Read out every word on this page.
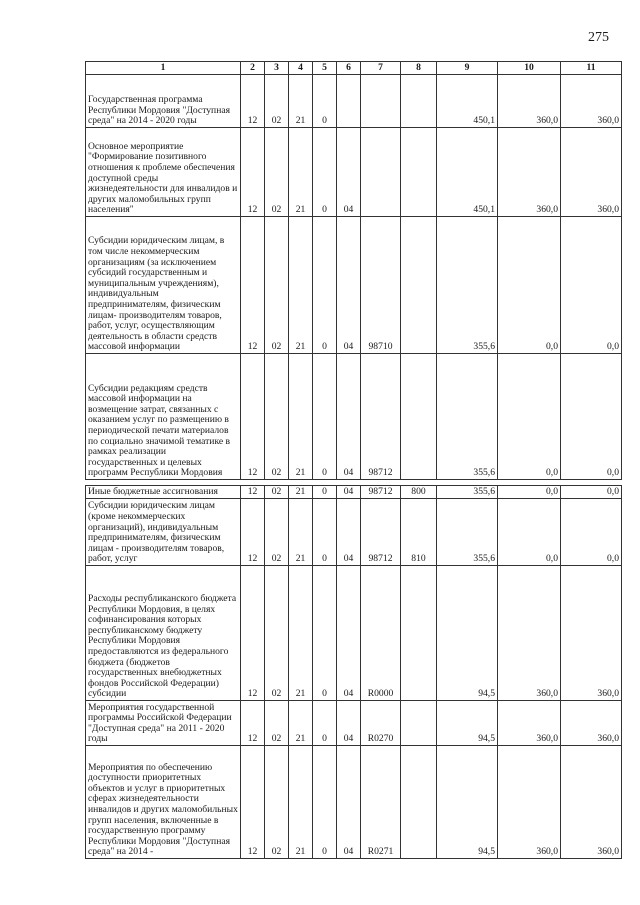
275
1	2	3	4	5	6	7	8	9	10	11
Государственная программа Республики Мордовия "Доступная среда" на 2014 - 2020 годы	12	02	21	0				450,1	360,0	360,0
Основное мероприятие "Формирование позитивного отношения к проблеме обеспечения доступной среды жизнедеятельности для инвалидов и других маломобильных групп населения"	12	02	21	0	04			450,1	360,0	360,0
Субсидии юридическим лицам, в том числе некоммерческим организациям (за исключением субсидий государственным и муниципальным учреждениям), индивидуальным предпринимателям, физическим лицам- производителям товаров, работ, услуг, осуществляющим деятельность в области средств массовой информации	12	02	21	0	04	98710		355,6	0,0	0,0
Субсидии редакциям средств массовой информации на возмещение затрат, связанных с оказанием услуг по размещению в периодической печати материалов по социально значимой тематике в рамках реализации государственных и целевых программ Республики Мордовия	12	02	21	0	04	98712		355,6	0,0	0,0

Иные бюджетные ассигнования	12	02	21	0	04	98712	800	355,6	0,0	0,0
Субсидии юридическим лицам (кроме некоммерческих организаций), индивидуальным предпринимателям, физическим лицам - производителям товаров, работ, услуг	12	02	21	0	04	98712	810	355,6	0,0	0,0
Расходы республиканского бюджета Республики Мордовия, в целях софинансирования которых республиканскому бюджету Республики Мордовия предоставляются из федерального бюджета (бюджетов государственных внебюджетных фондов Российской Федерации) субсидии	12	02	21	0	04	R0000		94,5	360,0	360,0
Мероприятия государственной программы Российской Федерации "Доступная среда" на 2011 - 2020 годы	12	02	21	0	04	R0270		94,5	360,0	360,0
Мероприятия по обеспечению доступности приоритетных объектов и услуг в приоритетных сферах жизнедеятельности инвалидов и других маломобильных групп населения, включенные в государственную программу Республики Мордовия "Доступная среда" на 2014 -	12	02	21	0	04	R0271		94,5	360,0	360,0
